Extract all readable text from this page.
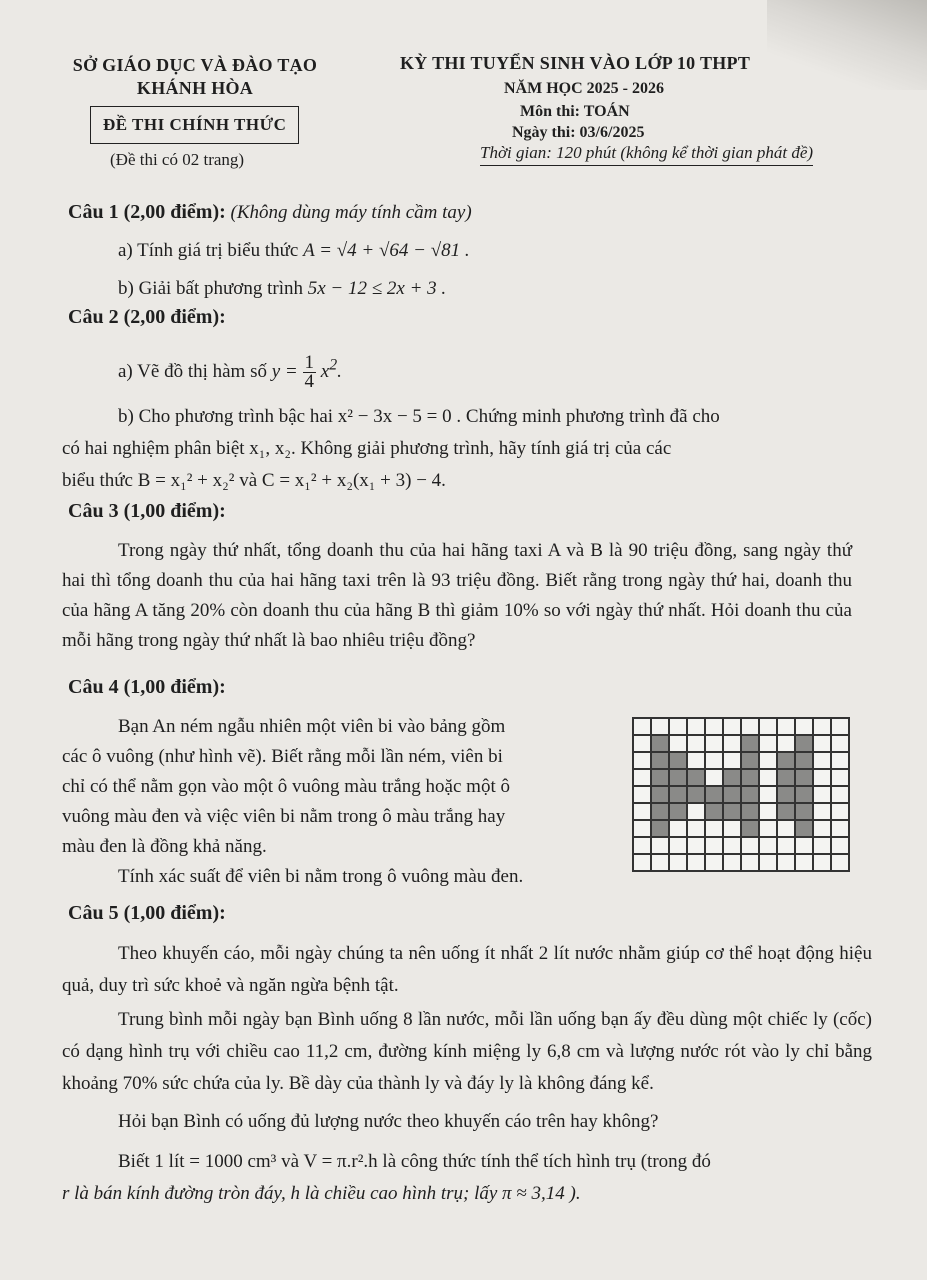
SỞ GIÁO DỤC VÀ ĐÀO TẠO
KHÁNH HÒA
ĐỀ THI CHÍNH THỨC
(Đề thi có 02 trang)
KỲ THI TUYỂN SINH VÀO LỚP 10 THPT
NĂM HỌC 2025 - 2026
Môn thi: TOÁN
Ngày thi: 03/6/2025
Thời gian: 120 phút (không kể thời gian phát đề)
Câu 1 (2,00 điểm): (Không dùng máy tính cầm tay)
a) Tính giá trị biểu thức A = √4 + √64 − √81 .
b) Giải bất phương trình 5x − 12 ≤ 2x + 3 .
Câu 2 (2,00 điểm):
a) Vẽ đồ thị hàm số $y = \frac{1}{4} x^2$.
b) Cho phương trình bậc hai x² − 3x − 5 = 0 . Chứng minh phương trình đã cho
có hai nghiệm phân biệt x₁, x₂. Không giải phương trình, hãy tính giá trị của các
biểu thức B = x₁² + x₂² và C = x₁² + x₂(x₁ + 3) − 4.
Câu 3 (1,00 điểm):
Trong ngày thứ nhất, tổng doanh thu của hai hãng taxi A và B là 90 triệu đồng, sang ngày thứ hai thì tổng doanh thu của hai hãng taxi trên là 93 triệu đồng. Biết rằng trong ngày thứ hai, doanh thu của hãng A tăng 20% còn doanh thu của hãng B thì giảm 10% so với ngày thứ nhất. Hỏi doanh thu của mỗi hãng trong ngày thứ nhất là bao nhiêu triệu đồng?
Câu 4 (1,00 điểm):
Bạn An ném ngẫu nhiên một viên bi vào bảng gồm
các ô vuông (như hình vẽ). Biết rằng mỗi lần ném, viên bi
chỉ có thể nằm gọn vào một ô vuông màu trắng hoặc một ô
vuông màu đen và việc viên bi nằm trong ô màu trắng hay
màu đen là đồng khả năng.
Tính xác suất để viên bi nằm trong ô vuông màu đen.
Câu 5 (1,00 điểm):
Theo khuyến cáo, mỗi ngày chúng ta nên uống ít nhất 2 lít nước nhằm giúp cơ thể hoạt động hiệu quả, duy trì sức khoẻ và ngăn ngừa bệnh tật.
Trung bình mỗi ngày bạn Bình uống 8 lần nước, mỗi lần uống bạn ấy đều dùng một chiếc ly (cốc) có dạng hình trụ với chiều cao 11,2 cm, đường kính miệng ly 6,8 cm và lượng nước rót vào ly chỉ bằng khoảng 70% sức chứa của ly. Bề dày của thành ly và đáy ly là không đáng kể.
Hỏi bạn Bình có uống đủ lượng nước theo khuyến cáo trên hay không?
Biết 1 lít = 1000 cm³ và V = π.r².h là công thức tính thể tích hình trụ (trong đó
r là bán kính đường tròn đáy, h là chiều cao hình trụ; lấy π ≈ 3,14 ).
